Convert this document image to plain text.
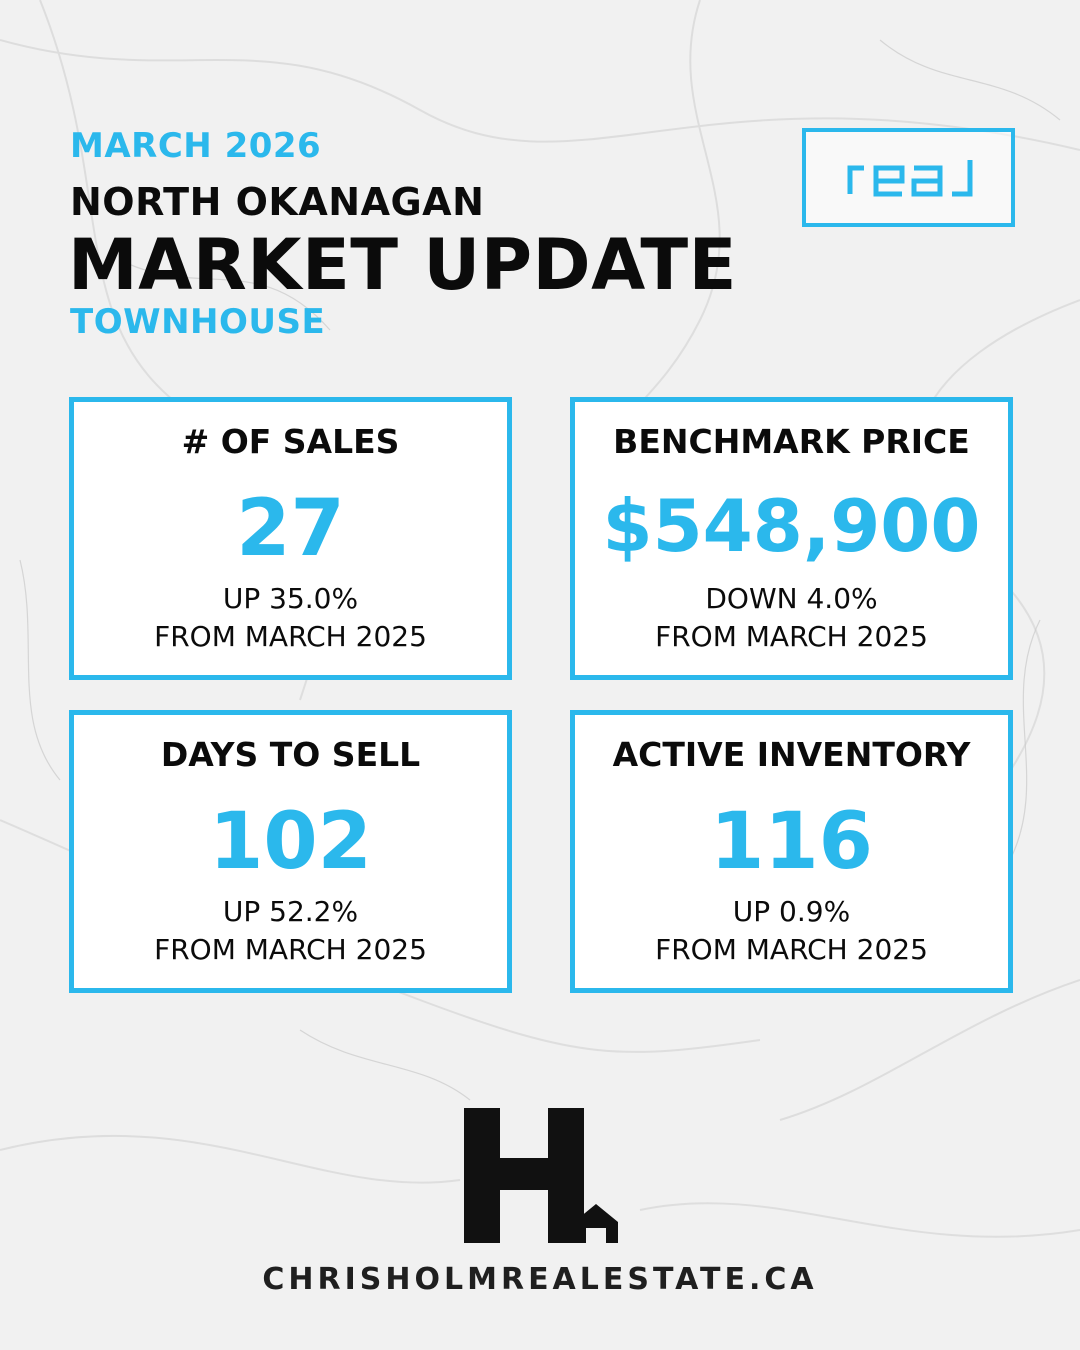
MARCH 2026
NORTH OKANAGAN
MARKET UPDATE
TOWNHOUSE
# OF SALES
27
UP 35.0%
FROM MARCH 2025
BENCHMARK PRICE
$548,900
DOWN 4.0%
FROM MARCH 2025
DAYS TO SELL
102
UP 52.2%
FROM MARCH 2025
ACTIVE INVENTORY
116
UP 0.9%
FROM MARCH 2025
CHRISHOLMREALESTATE.CA
